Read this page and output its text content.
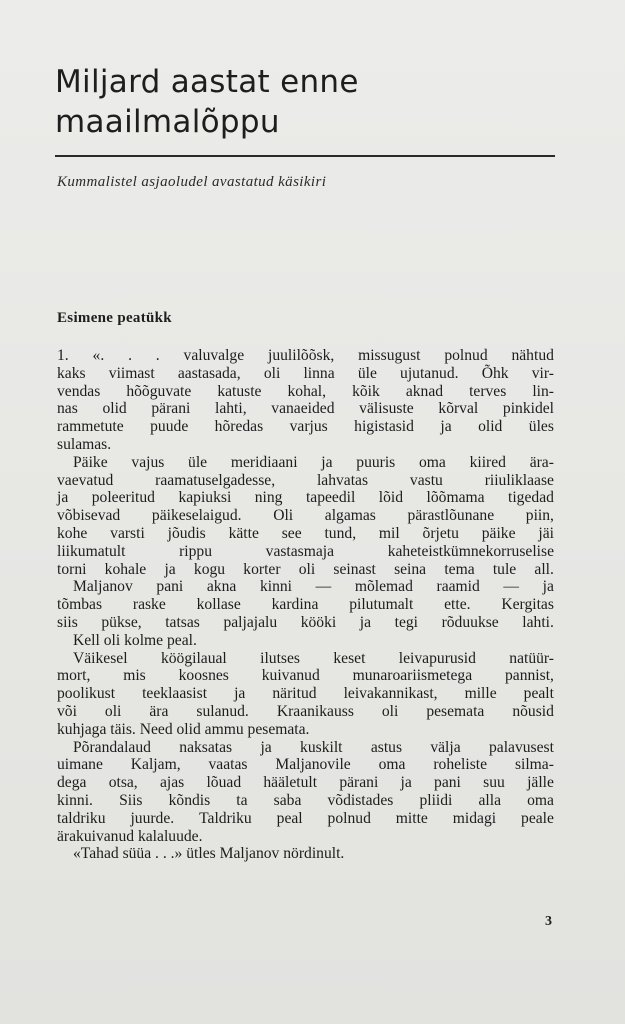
Miljard aastat enne
maailmalõppu
Kummalistel asjaoludel avastatud käsikiri
Esimene peatükk
1. «. . . valuvalge juulilõõsk, missugust polnud nähtud
kaks viimast aastasada, oli linna üle ujutanud. Õhk vir-
vendas hõõguvate katuste kohal, kõik aknad terves lin-
nas olid pärani lahti, vanaeided välisuste kõrval pinkidel
rammetute puude hõredas varjus higistasid ja olid üles
sulamas.
Päike vajus üle meridiaani ja puuris oma kiired ära-
vaevatud	raamatuselgadesse,	lahvatas	vastu	riiuliklaase
ja poleeritud kapiuksi ning tapeedil lõid lõõmama tigedad
võbisevad päikeselaigud. Oli algamas pärastlõunane piin,
kohe varsti jõudis kätte see tund, mil õrjetu päike jäi
liikumatult	rippu	vastasmaja	kaheteistkümnekorruselise
torni kohale ja kogu korter oli seinast seina tema tule all.
Maljanov pani akna kinni — mõlemad raamid — ja
tõmbas raske kollase kardina pilutumalt ette. Kergitas
siis pükse, tatsas paljajalu kööki ja tegi rõduukse lahti.
Kell oli kolme peal.
Väikesel köögilaual ilutses keset leivapurusid natüür-
mort, mis koosnes kuivanud munaroariismetega pannist,
poolikust teeklaasist ja näritud leivakannikast, mille pealt
või oli ära sulanud. Kraanikauss oli pesemata nõusid
kuhjaga täis. Need olid ammu pesemata.
Põrandalaud naksatas ja kuskilt astus välja palavusest
uimane Kaljam, vaatas Maljanovile oma roheliste silma-
dega otsa, ajas lõuad hääletult pärani ja pani suu jälle
kinni. Siis kõndis ta saba võdistades pliidi alla oma
taldriku juurde. Taldriku peal polnud mitte midagi peale
ärakuivanud kalaluude.
«Tahad süüa . . .» ütles Maljanov nördinult.
3
